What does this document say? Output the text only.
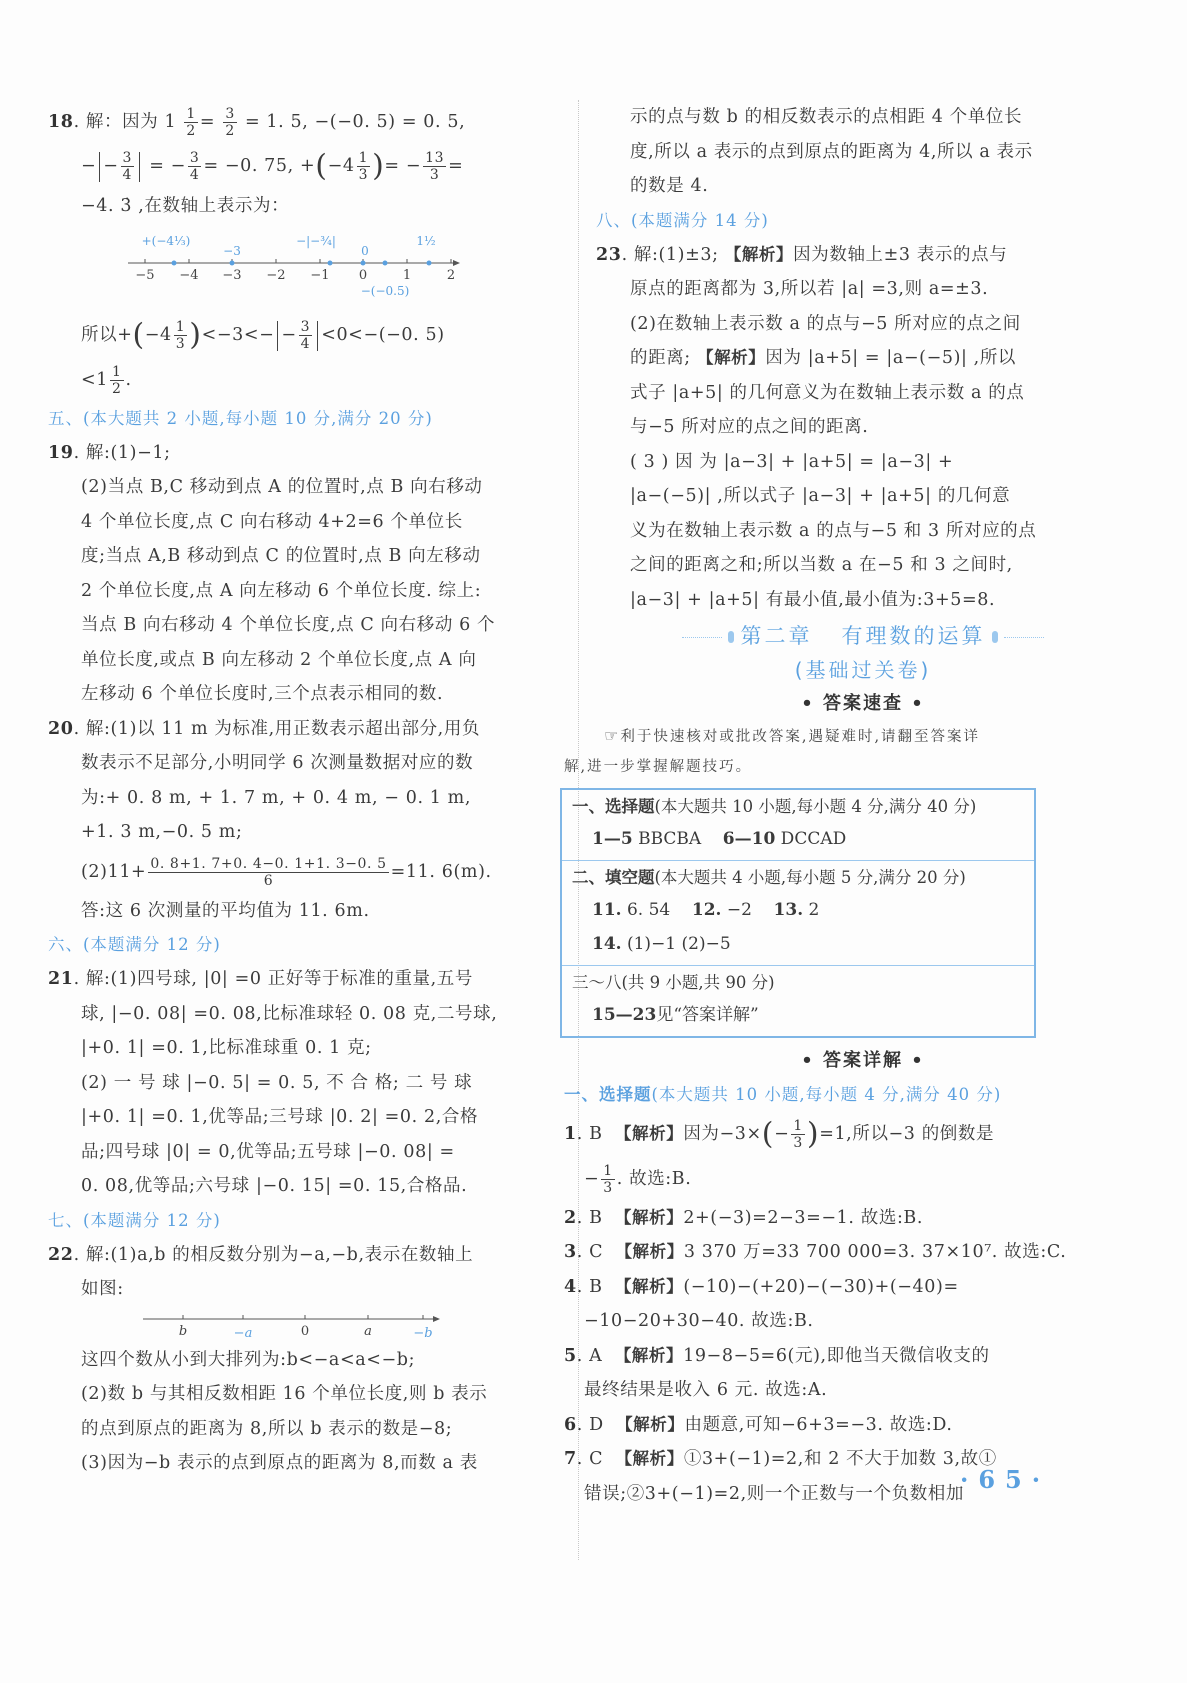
18. 解：因为 $1 \frac{1}{2} = \frac{3}{2} = 1$. 5, −(−0. 5) = 0. 5,
− − $\frac{3}{4}$ = − $\frac{3}{4} = -0$. 75, $+(-4 \frac{1}{3}$ )= − $\frac{13}{3}$ =
−4. 3̇ ,在数轴上表示为：
−5 −4 −3 −2 −1 0	1	2
+(−4⅓)
−3
−|−¾|
0
−(−0.5)
1½
所以$+(-4 \frac{1}{3} )<-3<- - \frac{3}{4} <0<-(-0$. 5)
$<1 \frac{1}{2}$ .
五、(本大题共 2 小题,每小题 10 分,满分 20 分)
19. 解:(1)−1;
(2)当点 B,C 移动到点 A 的位置时,点 B 向右移动
4 个单位长度,点 C 向右移动 4+2=6 个单位长
度;当点 A,B 移动到点 C 的位置时,点 B 向左移动
2 个单位长度,点 A 向左移动 6 个单位长度. 综上:
当点 B 向右移动 4 个单位长度,点 C 向右移动 6 个
单位长度,或点 B 向左移动 2 个单位长度,点 A 向
左移动 6 个单位长度时,三个点表示相同的数.
20. 解:(1)以 11 m 为标准,用正数表示超出部分,用负
数表示不足部分,小明同学 6 次测量数据对应的数
为:+ 0. 8 m, + 1. 7 m, + 0. 4 m, − 0. 1 m,
+1. 3 m,−0. 5 m;
$(2)11+ \frac{0. 8+1. 7+0. 4-0. 1+1. 3-0. 5}{6} =11$. 6(m).
答:这 6 次测量的平均值为 11. 6m.
六、(本题满分 12 分)
21. 解:(1)四号球, |0| =0 正好等于标准的重量,五号
球, |−0. 08| =0. 08,比标准球轻 0. 08 克,二号球,
|+0. 1| =0. 1,比标准球重 0. 1 克;
(2) 一 号 球 |−0. 5| = 0. 5, 不 合 格; 二 号 球
|+0. 1| =0. 1,优等品;三号球 |0. 2| =0. 2,合格
品;四号球 |0| = 0,优等品;五号球 |−0. 08| =
0. 08,优等品;六号球 |−0. 15| =0. 15,合格品.
七、(本题满分 12 分)
22. 解:(1)a,b 的相反数分别为−a,−b,表示在数轴上
如图:
b	−a	0	a	−b
这四个数从小到大排列为:b<−a<a<−b;
(2)数 b 与其相反数相距 16 个单位长度,则 b 表示
的点到原点的距离为 8,所以 b 表示的数是−8;
(3)因为−b 表示的点到原点的距离为 8,而数 a 表
示的点与数 b 的相反数表示的点相距 4 个单位长
度,所以 a 表示的点到原点的距离为 4,所以 a 表示
的数是 4.
八、(本题满分 14 分)
23. 解:(1)±3; 【解析】因为数轴上±3 表示的点与
原点的距离都为 3,所以若 |a| =3,则 a=±3.
(2)在数轴上表示数 a 的点与−5 所对应的点之间
的距离; 【解析】因为 |a+5| = |a−(−5)| ,所以
式子 |a+5| 的几何意义为在数轴上表示数 a 的点
与−5 所对应的点之间的距离.
( 3 ) 因 为 |a−3| + |a+5| = |a−3| +
|a−(−5)| ,所以式子 |a−3| + |a+5| 的几何意
义为在数轴上表示数 a 的点与−5 和 3 所对应的点
之间的距离之和;所以当数 a 在−5 和 3 之间时,
|a−3| + |a+5| 有最小值,最小值为:3+5=8.
第二章 有理数的运算
(基础过关卷)
• 答案速查 •
☞利于快速核对或批改答案,遇疑难时,请翻至答案详
解,进一步掌握解题技巧。
一、选择题(本大题共 10 小题,每小题 4 分,满分 40 分)
1—5 BBCBA 6—10 DCCAD
二、填空题(本大题共 4 小题,每小题 5 分,满分 20 分)
11. 6. 54 12. −2 13. 2
14. (1)−1 (2)−5
三～八(共 9 小题,共 90 分)
15—23见“答案详解”
• 答案详解 •
一、选择题(本大题共 10 小题,每小题 4 分,满分 40 分)
1. B 【解析】因为$-3\times(- \frac{1}{3} )=1$,所以−3 的倒数是
− $\frac{1}{3}$ . 故选:B.
2. B 【解析】2+(−3)=2−3=−1. 故选:B.
3. C 【解析】3 370 万=33 700 000=3. 37×10⁷. 故选:C.
4. B 【解析】(−10)−(+20)−(−30)+(−40)=
−10−20+30−40. 故选:B.
5. A 【解析】19−8−5=6(元),即他当天微信收支的
最终结果是收入 6 元. 故选:A.
6. D 【解析】由题意,可知−6+3=−3. 故选:D.
7. C 【解析】①3+(−1)=2,和 2 不大于加数 3,故①
错误;②3+(−1)=2,则一个正数与一个负数相加
·65·
